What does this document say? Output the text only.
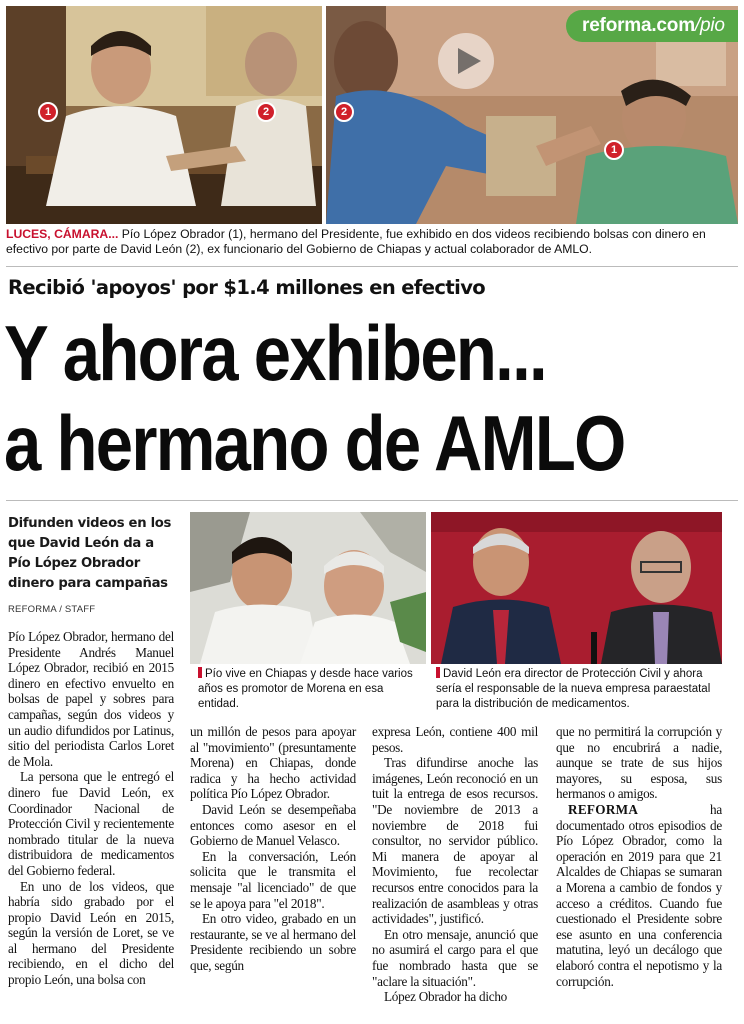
1	2	2
1
reforma.com/pio
LUCES, CÁMARA... Pío López Obrador (1), hermano del Presidente, fue exhibido en dos videos recibiendo bolsas con dinero en efectivo por parte de David León (2), ex funcionario del Gobierno de Chiapas y actual colaborador de AMLO.
Recibió 'apoyos' por $1.4 millones en efectivo
Y ahora exhiben...
a hermano de AMLO
Difunden videos en los que David León da a Pío López Obrador dinero para campañas
REFORMA / STAFF
Pío vive en Chiapas y desde hace varios años es promotor de Morena en esa entidad.
David León era director de Protección Civil y ahora sería el responsable de la nueva empresa paraestatal para la distribución de medicamentos.

Pío López Obrador, hermano del Presidente Andrés Manuel López Obrador, recibió en 2015 dinero en efectivo envuelto en bolsas de papel y sobres para campañas, según dos videos y un audio difundidos por Latinus, sitio del periodista Carlos Loret de Mola.

La persona que le entregó el dinero fue David León, ex Coordinador Nacional de Protección Civil y recientemente nombrado titular de la nueva distribuidora de medicamentos del Gobierno federal.

En uno de los videos, que habría sido grabado por el propio David León en 2015, según la versión de Loret, se ve al hermano del Presidente recibiendo, en el dicho del propio León, una bolsa con

un millón de pesos para apoyar al "movimiento" (presuntamente Morena) en Chiapas, donde radica y ha hecho actividad política Pío López Obrador.

David León se desempeñaba entonces como asesor en el Gobierno de Manuel Velasco.

En la conversación, León solicita que le transmita el mensaje "al licenciado" de que se le apoya para "el 2018".

En otro video, grabado en un restaurante, se ve al hermano del Presidente recibiendo un sobre que, según

expresa León, contiene 400 mil pesos.

Tras difundirse anoche las imágenes, León reconoció en un tuit la entrega de esos recursos. "De noviembre de 2013 a noviembre de 2018 fui consultor, no servidor público. Mi manera de apoyar al Movimiento, fue recolectar recursos entre conocidos para la realización de asambleas y otras actividades", justificó.

En otro mensaje, anunció que no asumirá el cargo para el que fue nombrado hasta que se "aclare la situación".

López Obrador ha dicho

que no permitirá la corrupción y que no encubrirá a nadie, aunque se trate de sus hijos mayores, su esposa, sus hermanos o amigos.

REFORMA ha documentado otros episodios de Pío López Obrador, como la operación en 2019 para que 21 Alcaldes de Chiapas se sumaran a Morena a cambio de fondos y acceso a créditos. Cuando fue cuestionado el Presidente sobre ese asunto en una conferencia matutina, leyó un decálogo que elaboró contra el nepotismo y la corrupción.
